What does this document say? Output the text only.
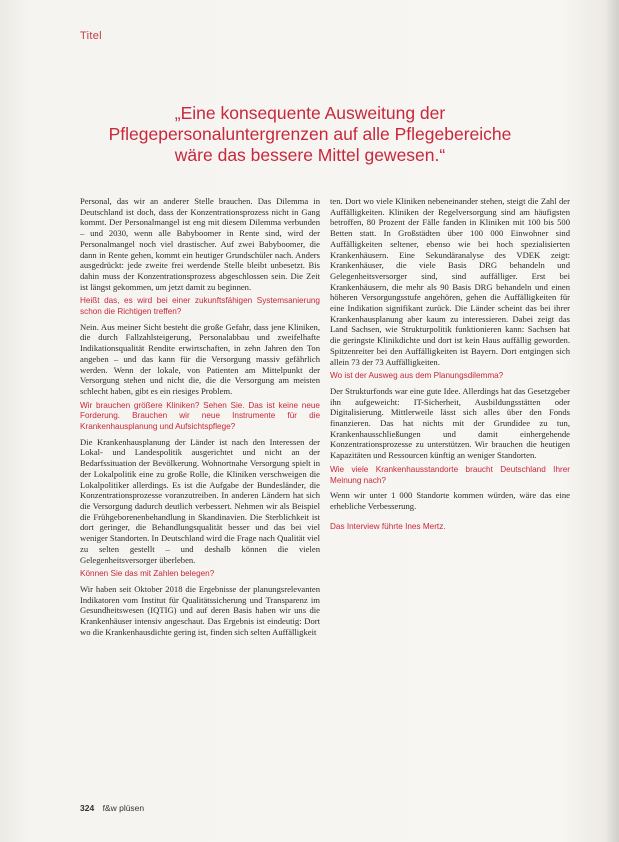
Titel
„Eine konsequente Ausweitung der
Pflegepersonaluntergrenzen auf alle Pflegebereiche
wäre das bessere Mittel gewesen.“

Personal, das wir an anderer Stelle brauchen. Das Dilemma in Deutschland ist doch, dass der Konzentrationsprozess nicht in Gang kommt. Der Personalmangel ist eng mit diesem Dilemma verbunden – und 2030, wenn alle Babyboomer in Rente sind, wird der Personalmangel noch viel drastischer. Auf zwei Babyboomer, die dann in Rente gehen, kommt ein heutiger Grundschüler nach. Anders ausgedrückt: jede zweite frei werdende Stelle bleibt unbesetzt. Bis dahin muss der Konzentrationsprozess abgeschlossen sein. Die Zeit ist längst gekommen, um jetzt damit zu beginnen.

Heißt das, es wird bei einer zukunftsfähigen Systemsanierung schon die Richtigen treffen?

Nein. Aus meiner Sicht besteht die große Gefahr, dass jene Kliniken, die durch Fallzahlsteigerung, Personalabbau und zweifelhafte Indikationsqualität Rendite erwirtschaften, in zehn Jahren den Ton angeben – und das kann für die Versorgung massiv gefährlich werden. Wenn der lokale, von Patienten am Mittelpunkt der Versorgung stehen und nicht die, die die Versorgung am meisten schlecht haben, gibt es ein riesiges Problem.

Wir brauchen größere Kliniken? Sehen Sie. Das ist keine neue Forderung. Brauchen wir neue Instrumente für die Krankenhausplanung und Aufsichtspflege?

Die Krankenhausplanung der Länder ist nach den Interessen der Lokal- und Landespolitik ausgerichtet und nicht an der Bedarfssituation der Bevölkerung. Wohnortnahe Versorgung spielt in der Lokalpolitik eine zu große Rolle, die Kliniken verschweigen die Lokalpolitiker allerdings. Es ist die Aufgabe der Bundesländer, die Konzentrationsprozesse voranzutreiben. In anderen Ländern hat sich die Versorgung dadurch deutlich verbessert. Nehmen wir als Beispiel die Frühgeborenenbehandlung in Skandinavien. Die Sterblichkeit ist dort geringer, die Behandlungsqualität besser und das bei viel weniger Standorten. In Deutschland wird die Frage nach Qualität viel zu selten gestellt – und deshalb können die vielen Gelegenheitsversorger überleben.

Können Sie das mit Zahlen belegen?

Wir haben seit Oktober 2018 die Ergebnisse der planungsrelevanten Indikatoren vom Institut für Qualitätssicherung und Transparenz im Gesundheitswesen (IQTIG) und auf deren Basis haben wir uns die Krankenhäuser intensiv angeschaut. Das Ergebnis ist eindeutig: Dort wo die Krankenhausdichte gering ist, finden sich selten Auffälligkeit

ten. Dort wo viele Kliniken nebeneinander stehen, steigt die Zahl der Auffälligkeiten. Kliniken der Regelversorgung sind am häufigsten betroffen, 80 Prozent der Fälle fanden in Kliniken mit 100 bis 500 Betten statt. In Großstädten über 100 000 Einwohner sind Auffälligkeiten seltener, ebenso wie bei hoch spezialisierten Krankenhäusern. Eine Sekundäranalyse des VDEK zeigt: Krankenhäuser, die viele Basis DRG behandeln und Gelegenheitsversorger sind, sind auffälliger. Erst bei Krankenhäusern, die mehr als 90 Basis DRG behandeln und einen höheren Versorgungsstufe angehören, gehen die Auffälligkeiten für eine Indikation signifikant zurück. Die Länder scheint das bei ihrer Krankenhausplanung aber kaum zu interessieren. Dabei zeigt das Land Sachsen, wie Strukturpolitik funktionieren kann: Sachsen hat die geringste Klinikdichte und dort ist kein Haus auffällig geworden. Spitzenreiter bei den Auffälligkeiten ist Bayern. Dort entgingen sich allein 73 der 73 Auffälligkeiten.

Wo ist der Ausweg aus dem Planungsdilemma?

Der Strukturfonds war eine gute Idee. Allerdings hat das Gesetzgeber ihn aufgeweicht: IT-Sicherheit, Ausbildungsstätten oder Digitalisierung. Mittlerweile lässt sich alles über den Fonds finanzieren. Das hat nichts mit der Grundidee zu tun, Krankenhausschließungen und damit einhergehende Konzentrationsprozesse zu unterstützen. Wir brauchen die heutigen Kapazitäten und Ressourcen künftig an weniger Standorten.

Wie viele Krankenhausstandorte braucht Deutschland Ihrer Meinung nach?

Wenn wir unter 1 000 Standorte kommen würden, wäre das eine erhebliche Verbesserung.

Das Interview führte Ines Mertz.
324 f&w plüsen
